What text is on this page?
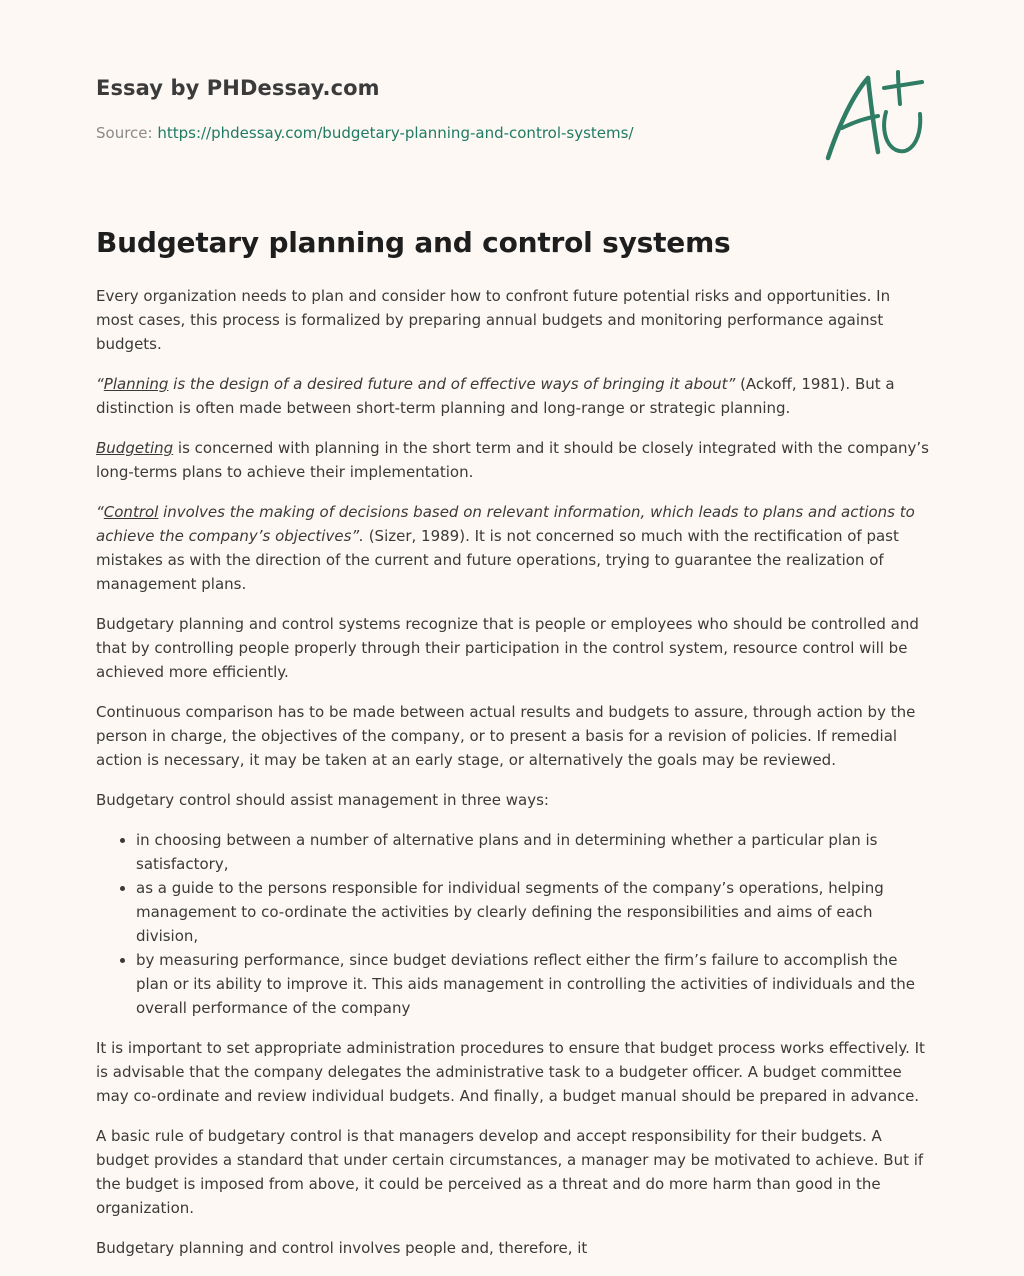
Essay by PHDessay.com
Source: https://phdessay.com/budgetary-planning-and-control-systems/
Budgetary planning and control systems

Every organization needs to plan and consider how to confront future potential risks and opportunities. In most cases, this process is formalized by preparing annual budgets and monitoring performance against budgets.

“Planning is the design of a desired future and of effective ways of bringing it about” (Ackoff, 1981). But a distinction is often made between short-term planning and long-range or strategic planning.

Budgeting is concerned with planning in the short term and it should be closely integrated with the company’s long-terms plans to achieve their implementation.

“Control involves the making of decisions based on relevant information, which leads to plans and actions to achieve the company’s objectives”. (Sizer, 1989). It is not concerned so much with the rectification of past mistakes as with the direction of the current and future operations, trying to guarantee the realization of management plans.

Budgetary planning and control systems recognize that is people or employees who should be controlled and that by controlling people properly through their participation in the control system, resource control will be achieved more efficiently.

Continuous comparison has to be made between actual results and budgets to assure, through action by the person in charge, the objectives of the company, or to present a basis for a revision of policies. If remedial action is necessary, it may be taken at an early stage, or alternatively the goals may be reviewed.

Budgetary control should assist management in three ways:

• in choosing between a number of alternative plans and in determining whether a particular plan is satisfactory,
• as a guide to the persons responsible for individual segments of the company’s operations, helping management to co-ordinate the activities by clearly defining the responsibilities and aims of each division,
• by measuring performance, since budget deviations reflect either the firm’s failure to accomplish the plan or its ability to improve it. This aids management in controlling the activities of individuals and the overall performance of the company

It is important to set appropriate administration procedures to ensure that budget process works effectively. It is advisable that the company delegates the administrative task to a budgeter officer. A budget committee may co-ordinate and review individual budgets. And finally, a budget manual should be prepared in advance.

A basic rule of budgetary control is that managers develop and accept responsibility for their budgets. A budget provides a standard that under certain circumstances, a manager may be motivated to achieve. But if the budget is imposed from above, it could be perceived as a threat and do more harm than good in the organization.

Budgetary planning and control involves people and, therefore, it
